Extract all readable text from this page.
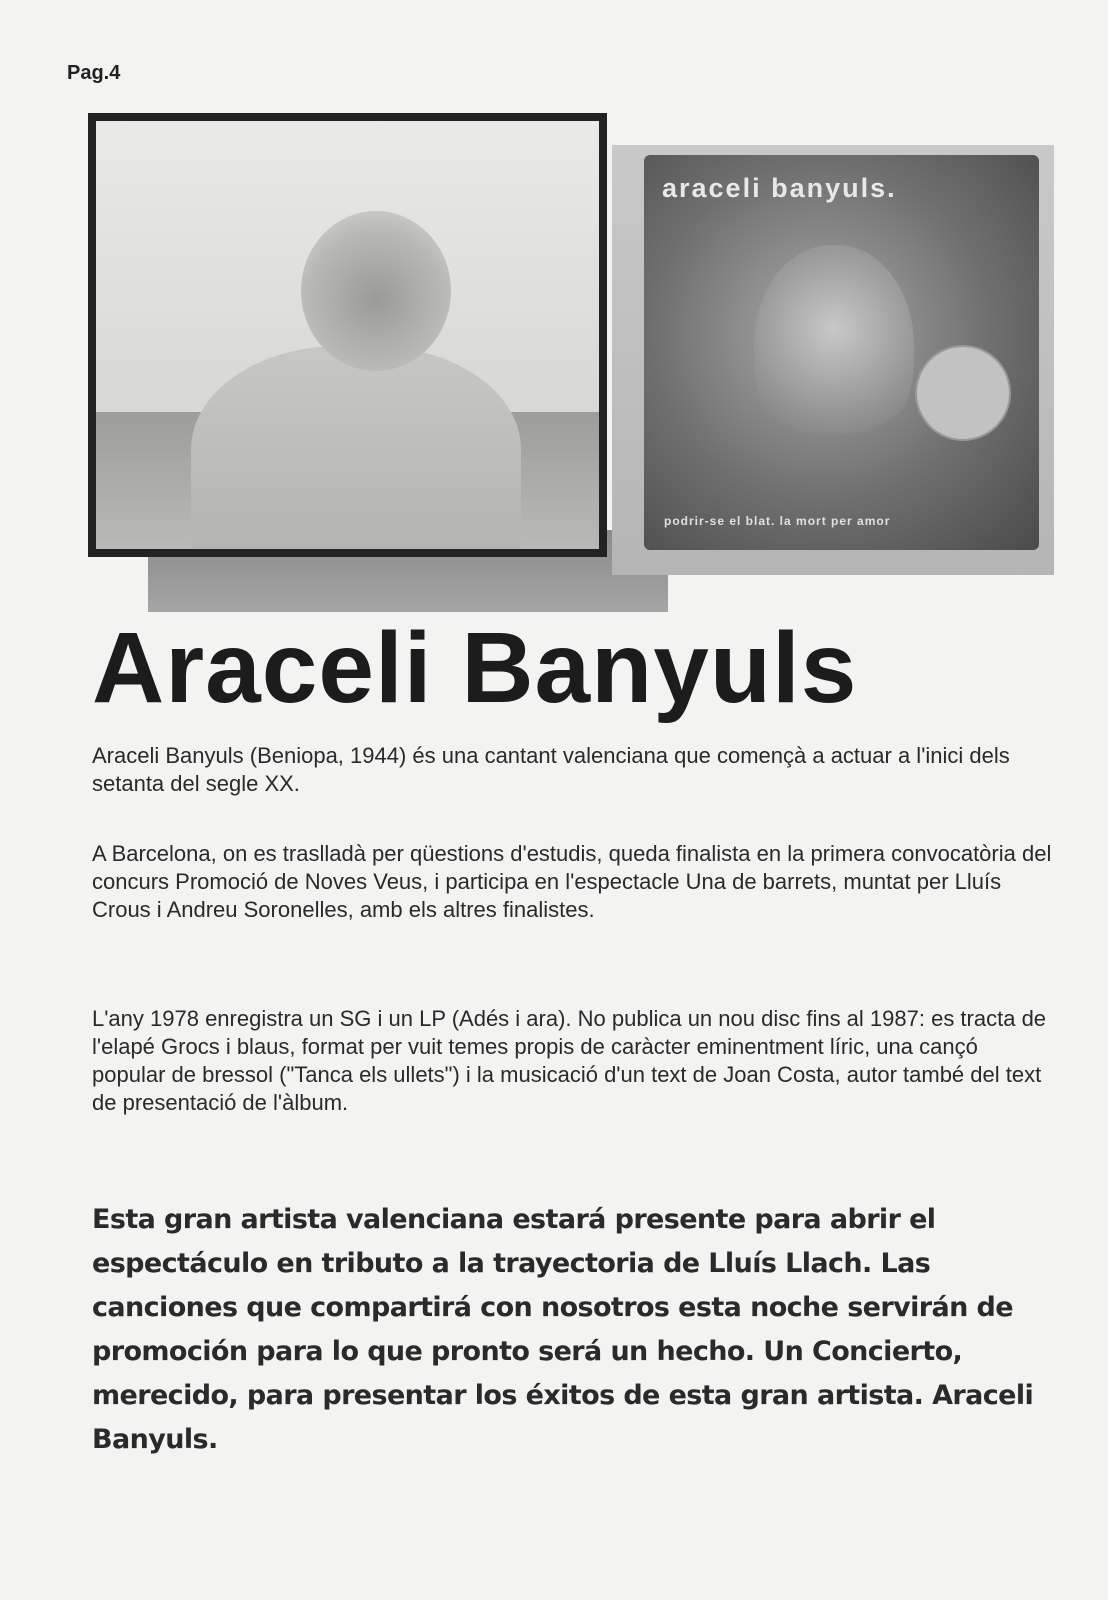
Pag.4
araceli banyuls.
podrir-se el blat. la mort per amor
Araceli Banyuls

Araceli Banyuls (Beniopa, 1944) és una cantant valenciana que començà a actuar a l'inici dels setanta del segle XX.

A Barcelona, on es traslladà per qüestions d'estudis, queda finalista en la primera convocatòria del concurs Promoció de Noves Veus, i participa en l'espectacle Una de barrets, muntat per Lluís Crous i Andreu Soronelles, amb els altres finalistes.

L'any 1978 enregistra un SG i un LP (Adés i ara). No publica un nou disc fins al 1987: es tracta de l'elapé Grocs i blaus, format per vuit temes propis de caràcter eminentment líric, una cançó popular de bressol ("Tanca els ullets") i la musicació d'un text de Joan Costa, autor també del text de presentació de l'àlbum.

Esta gran artista valenciana estará presente para abrir el espectáculo en tributo a la trayectoria de Lluís Llach. Las canciones que compartirá con nosotros esta noche servirán de promoción para lo que pronto será un hecho. Un Concierto, merecido, para presentar los éxitos de esta gran artista. Araceli Banyuls.
